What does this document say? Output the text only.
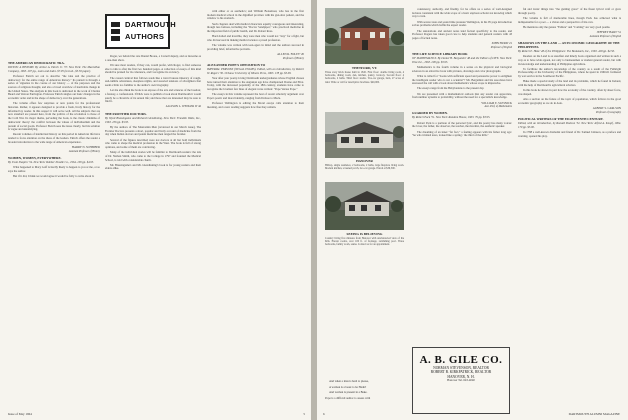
DARTMOUTH
AUTHORS

THE AMERICAN DEMOCRATIC TRA-

DITION: A HISTORY. By Arthur A. Ekirch Jr. '37. New York: The Macmillan Company, 1963. 297 pp., notes and index. $7.95 (text ed., $5.50 paper).

Professor Ekirch set out to describe "the idea and the practice of democracy for the entire range of American history." Its pursuit is through a series of vignettes in the course of our history — of the purposes and the sources of religious thought, and also a broad overview of inevitable change in the United States. The analysis in this book is dedicated in the work of Charles Beard and Vernon Parrington. Professor Ekirch singles out basic changes in the economic order and in the shape of democracy over the generations.

The volume offers few surprises or new points for the professional historian. Rather, it appears designed to provide a fresh, lively history for the informed lay reader. In this respect it will serve well. All the subjects that are now standard are present here, from the politics of the revolution to those of the Cold War. Its major theme, pervading the book, is the classic dilemma of democratic theory: the conflict between the values of individualism and the pursuit of social goods. Professor Ekirch sees the issue clearly, but his solution is vague and unsatisfying.

Recent volumes of intellectual history on this period in American life have tended to focus attention on the ideas of the leaders. Ekirch offers the reader a broader introduction to the wide range of American experience.

HARRY N. SCHEIBER

Assistant Professor of History

WOMEN, WOMEN, EVERYWHERE.

By Irwin Shapiro '34. New York: Rubber Noodle Co., 1964. 109 pp. $4.95.

What happened to Mary Goff is hardly likely to happen to you or me, or so says the author.

But if it did, I think we would agree it would be folly to write about it.

Roger, we behold the rare Daniel Boone, a Cornell deputy, and as tiresome as a one-man show.

I'm sure most readers, if they can, would prefer, with Roger, to find someone else to talk to after the first two hundred pages. A collection of essays of this kind should be praised for its coherence, and I recognize its accuracy.

The casual carnival that follows reads like a travel bureau itinerary of rough-and-tumble adventures, sleepless nights, and assorted tensions of all-nighters that seem a little too familiar to the author's own biography.

Let me also think the book is an expose of the arts and sciences of the boudoir, a fantasy, a confessional. If Dick were to publish a book about Dartmouth it would surely be a chronicle of its sexual life; and those that are interested may be sure to find it.

ALLISON L. WENGER II '42

THE FRONTIER DOCTORS.

By Wyatt Blassingame and Richard Glendinning. New York: Franklin Watts, Inc., 1963. 256 pp. $3.95.

By the authors of The Mauveinin Men (reviewed in our March issue), The Frontier Doctors presents a short, popular and lively account of medicine from the day when Indian doctors and patent medicine men ranged the frontier.

Several of the figures described were not doctors at all but bold individuals who came to shape the medical profession in the West. The book is full of strong opinions, and some of them are convincing.

Many of the individual stories will be familiar to Dartmouth readers: the tale of Dr. Nathan Smith, who came to the College in 1797 and founded the Medical School, is told with considerable charm.

Mr. Blassingame's and Mr. Glendinning's book is for young readers and their elders alike.

with either or as aesthetics; and William Bonamour, who has in the first modern medical school in the dignified province with his gun-shot patient, and the window to his stomach.

Such chapters deal with medical characters equally courageous and interesting, though less famous, including the "Doctor Sandpiper," who practiced medicine in the important field of public health, and Dr. Robert Ross.

Hard-boiled and irascible, they were men who would not "stay" for a fight, but who did succeed in making medical science a proud profession.

The volume was written with teen-agers in mind and the authors succeed in providing brief, informative portraits.

ALLEN R. FOLEY '20

Professor of History

ALEXANDER POPE'S OPPOSITION TO

IMPERIAL PERSONS (NEGAL ESSAYS). Edited, with an introduction, by Robert W. Rogers '30. Urbana: University of Illinois Press, 1963. 178 pp. $5.00.

Year after year poetry-loving Dartmouth undergraduates whose English classes have turned their attention to the Augustan age have championed Donne and Eliot. Today, with the increased popularity of the 18th century, students have come to recognize the loveliest few lines of elegant verse written: "Pope Versus Pope."

The essays in this volume represent the best of recent scholarly argument over Pope's poetic and moral identity, ranging from Dobree to Mack.

Professor Wellington is editing the Moral essays calls attention to their meaning, and a new reading suggests how fine they remain.

Issue of May 1964	5

THETFORD, VT.

Three story brick house built in 1845. First floor: double living room, 4 bedrooms, dining room, den, kitchen, pantry, lavatory. Second floor: 4 bedrooms, 2 baths. Third floor: studio. Two-car garage, barn, 27 acres of land. Write or call for descriptive brochure. $40,000.

HANOVER

Hilltop, single residence, 2 bedrooms, 2 baths, large fireplace living room. Modern kitchen, screened porch, two-car garage. Priced at $39,500.

SEEING IS BELIEVING

Country living five minutes from Hanover with unobstructed view of the hills. Eleven rooms, over 100 ft. of frontage, swimming pool. Three bedrooms, family room, sauna. Contact us for an appointment.

And when a man is hard to please,

A woman is a beast to be Hadn't

And woman is present in a Bake.

Pope is a difficult author to assess with

A. B. GILE CO.
NORMAN STEVENSON, REALTOR
ROBERT B. KIRKPATRICK, REALTOR
HANOVER, N. H.
Hanover Tel. 643-4040

consistency, authority, and finality, for he offers us a series of well-designed lectures consistent with the wide scope of a basic explorer-scholar not knowing which way to turn.

With severe taste and sound time pressure Wellington, in his 95 page introduction solves problems which baffle the expert reader.

The annotations and ancient notes lend factual specificity to the reader, and Professor Rogers has taken good care to help students and general readers with 43 pages of factual notes.

JOHN HURD '21

Professor of English

THE LIFE SCIENCE LIBRARY BOOK

OF MATHEMATICS. By Daniel H. Bergamini '48 and the Editors of LIFE. New York: Time Inc., 1963. 200 pp. $3.95.

Mathematics is the fourth volume in a series on the physical and biological sciences in an attractive book with pictures, drawings and color photographs.

What is called for "books with sufficient speed and persuasive power to enlighten the intelligent reader who is not a scientist"? Mr. Bergamini and his associates have answered the call with a book about mathematics whose scope is impressive.

The essays range from the Babylonians to the present day.

We are presented with a mathematical outlook that any reader can appreciate, from number systems to probability, without the need for a specialist's knowledge.

WILLIAM E. SLESNICK

Asst. Prof. of Mathematics

GUARDED BY WOMEN.

By Robert Pack '51. New York: Random House, 1963. 79 pp. $3.95.

Robert Pack is a partisan of the personal lyric, and his poetry has many voices: the lover, the father, the observer, the teacher, the moralist, the aesthetic speaker.

The dreaming of an inner "far fact," a feeling appears with his father long ago: "he who trickled tears, looked like a spring / the third of the hills."

ful and ironic things into "the guiding grace" of the finest lyrical craft or grew through poetry.

The volume is full of memorable lines, though Pack has achieved what is indispensable for a poet — a vision and a perspective of his own.

He mentions only the genres "Failure" and "Coming" are very good poems.

JEFFREY HART '51

Assistant Professor of English

SHADOWS ON THE LAND — AN ECONOMIC GEOGRAPHY OF THE PHILIPPINES.

By Robert E. Huke '48 of the Philippines: The Bookmark, Inc., 1963. 428 pp. $2.50.

Readers on the Land is as steadfast and timely book organized and written in such a way as to have wide appeal, not only to businessmen or student general reader, but with its knowledge and understanding of Philippine agriculture.

To facilitate the author's knowledge of the country as a result of the Fulbright Professorship at the University of the Philippines, where he spent in 1960-61 furthered by war service in the Southwest Pacific.

Huke made a special study of the land and its problems, which he found in Ireland, with the help of Dartmouth's agricultural scholars.

In this book he shows in part how the economy of the country, often by sheer force, was shaped.

Also a section on the future of the topic of population, which follows in the good economic geography as we do in Asia.

ALBERT S. CARLSON

Professor of Geography

POLITICAL WRITERS OF THE EIGHTEENTH CENTURY.

Edited, with an introduction, by Ronald Paulson '52. New York: Alfred A. Knopf, 1964. 170 pp. $5.00.

In 1788 a well-known dramatist and friend of Dr. Samuel Johnson, as a preface and warning, opened his play.

6	DARTMOUTH ALUMNI MAGAZINE
